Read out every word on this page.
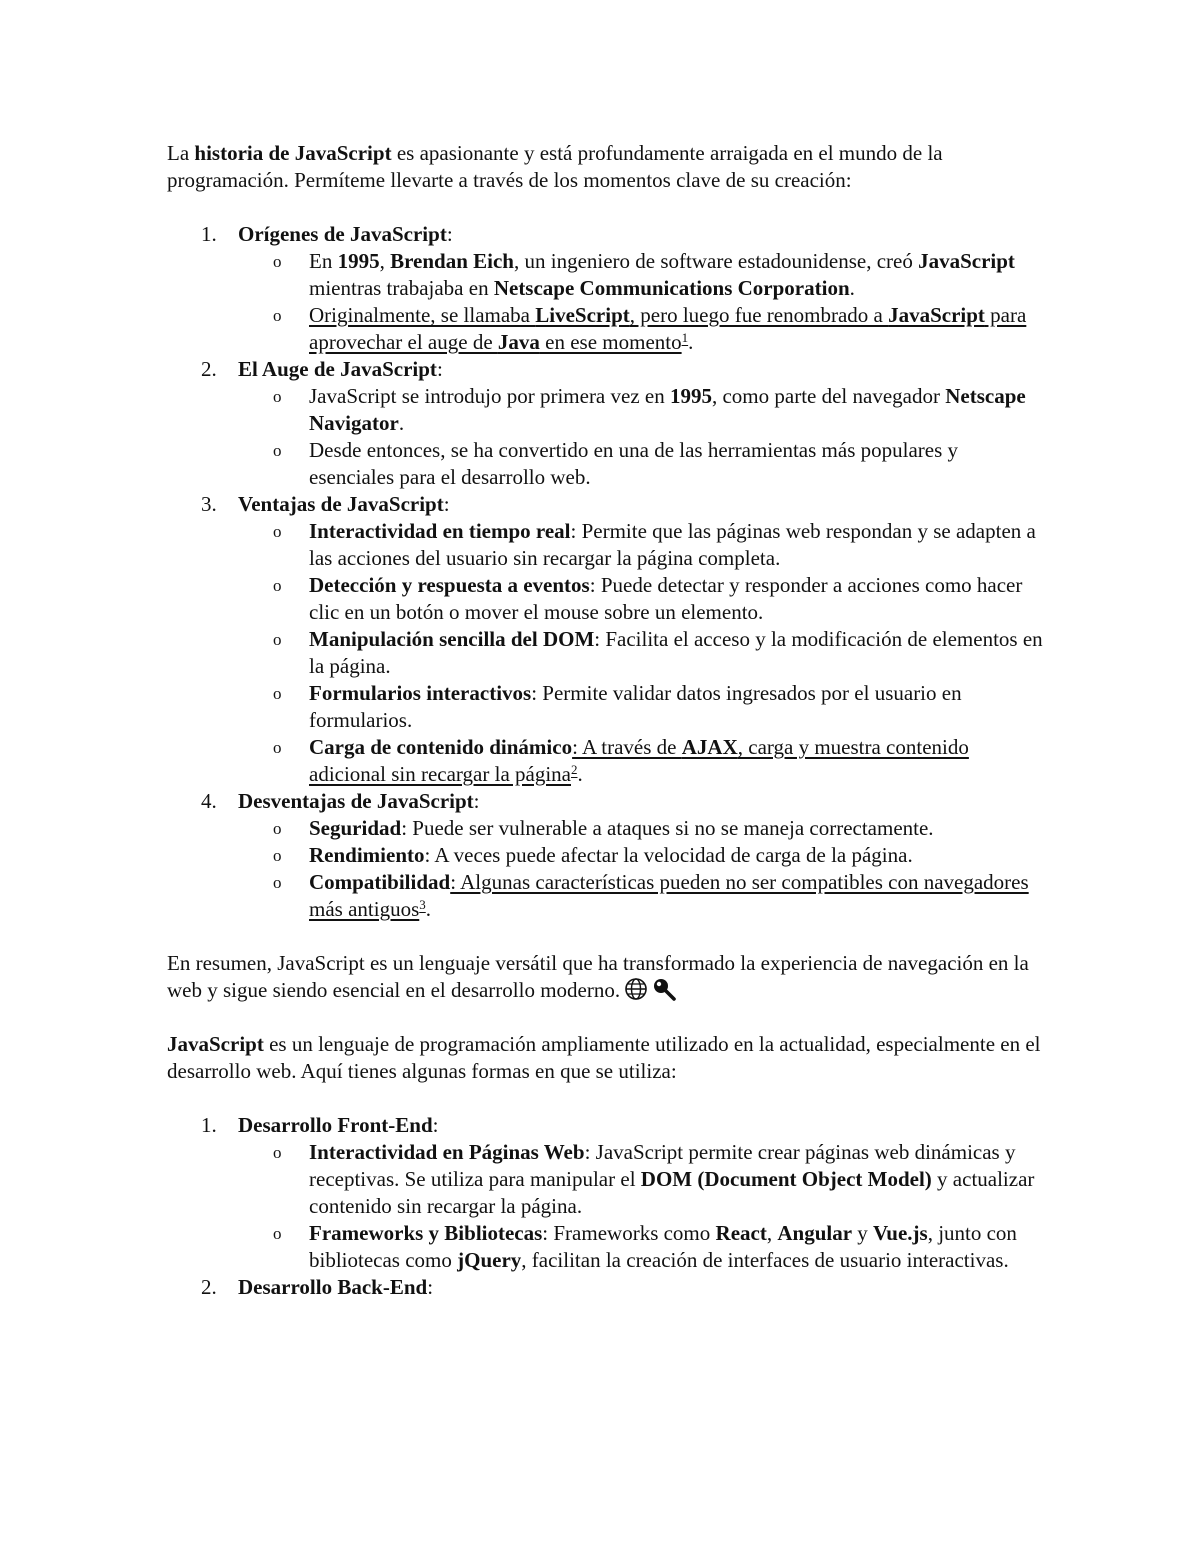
La historia de JavaScript es apasionante y está profundamente arraigada en el mundo de la programación. Permíteme llevarte a través de los momentos clave de su creación:

1.	Orígenes de JavaScript:
o En 1995, Brendan Eich, un ingeniero de software estadounidense, creó JavaScript mientras trabajaba en Netscape Communications Corporation.
o Originalmente, se llamaba LiveScript, pero luego fue renombrado a JavaScript para aprovechar el auge de Java en ese momento$^1$.
2.	El Auge de JavaScript:
o JavaScript se introdujo por primera vez en 1995, como parte del navegador Netscape Navigator.
o Desde entonces, se ha convertido en una de las herramientas más populares y esenciales para el desarrollo web.
3.	Ventajas de JavaScript:
o Interactividad en tiempo real: Permite que las páginas web respondan y se adapten a las acciones del usuario sin recargar la página completa.
o Detección y respuesta a eventos: Puede detectar y responder a acciones como hacer clic en un botón o mover el mouse sobre un elemento.
o Manipulación sencilla del DOM: Facilita el acceso y la modificación de elementos en la página.
o Formularios interactivos: Permite validar datos ingresados por el usuario en formularios.
o Carga de contenido dinámico: A través de AJAX, carga y muestra contenido adicional sin recargar la página$^2$.
4.	Desventajas de JavaScript:
o Seguridad: Puede ser vulnerable a ataques si no se maneja correctamente.
o Rendimiento: A veces puede afectar la velocidad de carga de la página.
o Compatibilidad: Algunas características pueden no ser compatibles con navegadores más antiguos$^3$.

En resumen, JavaScript es un lenguaje versátil que ha transformado la experiencia de navegación en la web y sigue siendo esencial en el desarrollo moderno.

JavaScript es un lenguaje de programación ampliamente utilizado en la actualidad, especialmente en el desarrollo web. Aquí tienes algunas formas en que se utiliza:

1.	Desarrollo Front-End:
o Interactividad en Páginas Web: JavaScript permite crear páginas web dinámicas y receptivas. Se utiliza para manipular el DOM (Document Object Model) y actualizar contenido sin recargar la página.
o Frameworks y Bibliotecas: Frameworks como React, Angular y Vue.js, junto con bibliotecas como jQuery, facilitan la creación de interfaces de usuario interactivas.
2.	Desarrollo Back-End:
